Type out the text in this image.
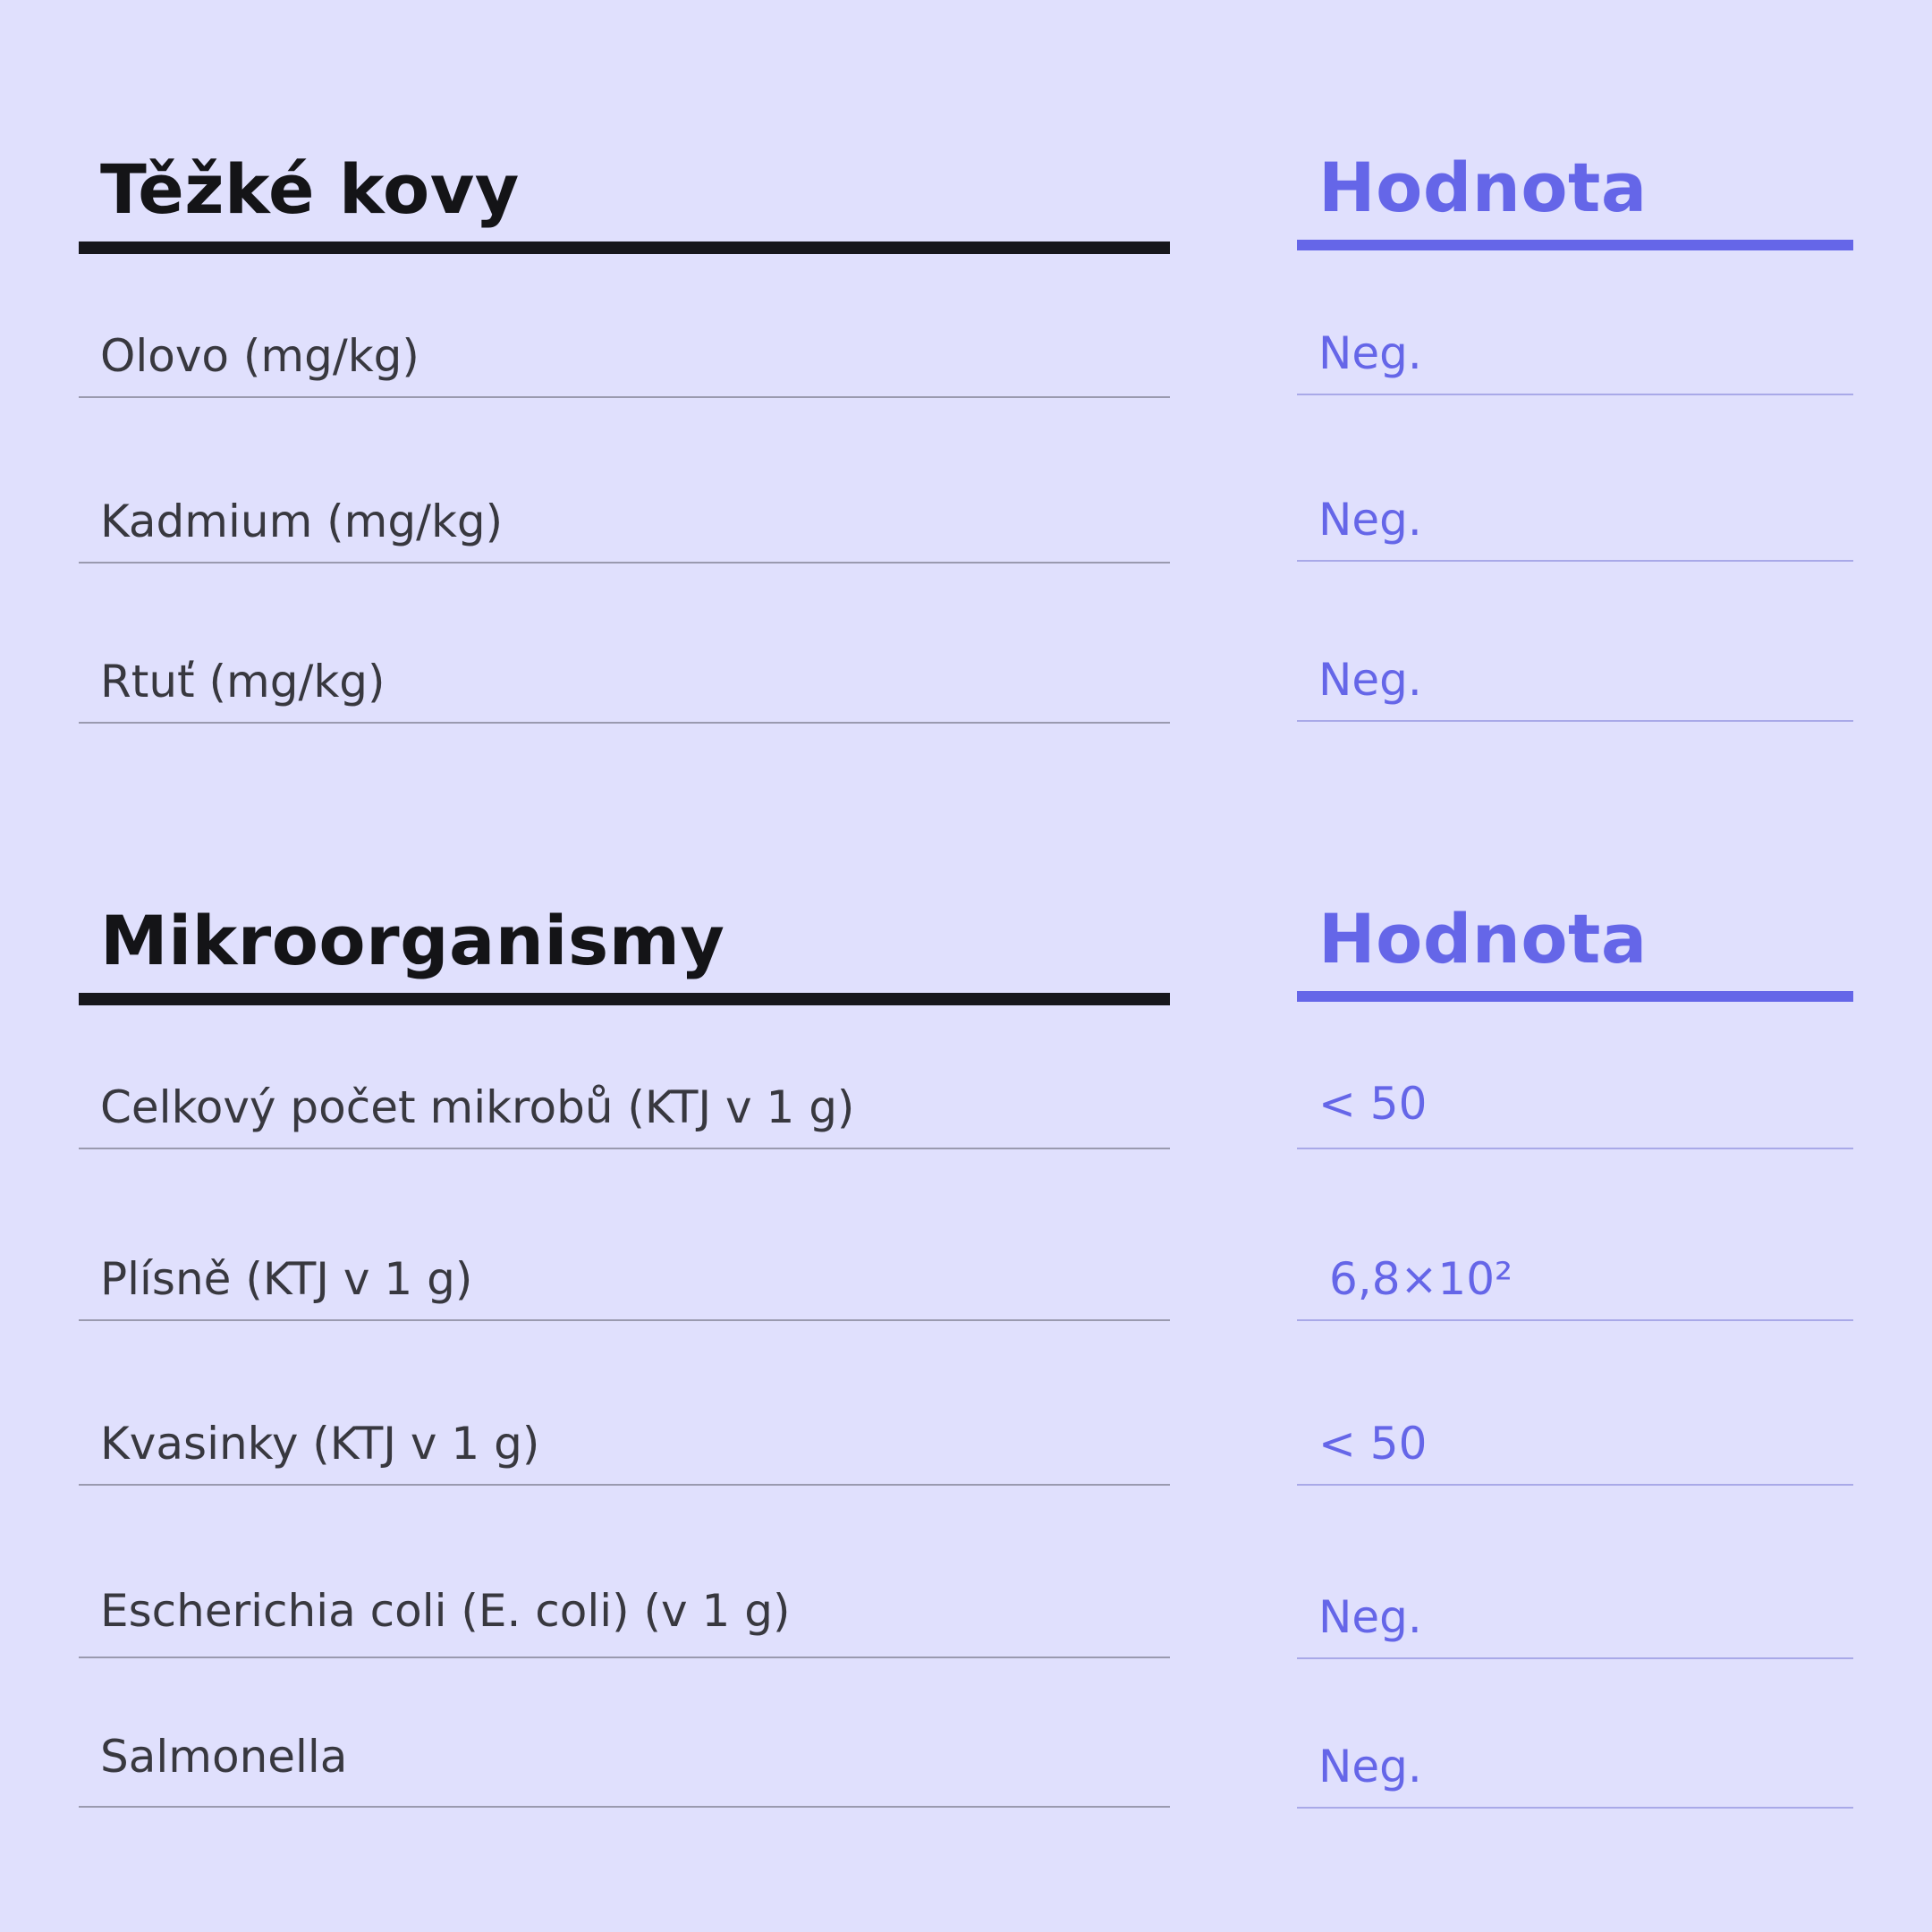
Těžké kovy	Hodnota
Olovo (mg/kg)	Neg.
Kadmium (mg/kg)	Neg.
Rtuť (mg/kg)	Neg.
Mikroorganismy	Hodnota
Celkový počet mikrobů (KTJ v 1 g)	< 50
Plísně (KTJ v 1 g)	6,8×10²
Kvasinky (KTJ v 1 g)	< 50
Escherichia coli (E. coli) (v 1 g)	Neg.
Salmonella	Neg.
